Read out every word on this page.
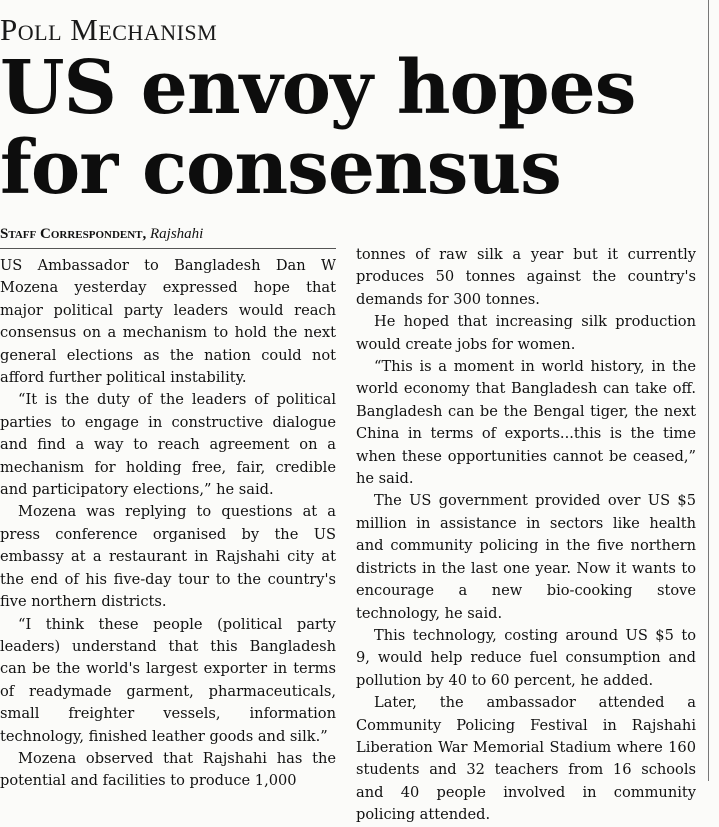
Poll Mechanism
US envoy hopes for consensus
Staff Correspondent, Rajshahi

US Ambassador to Bangladesh Dan W Mozena yesterday expressed hope that major political party leaders would reach consensus on a mechanism to hold the next general elections as the nation could not afford further political instability.

“It is the duty of the leaders of political parties to engage in constructive dialogue and find a way to reach agreement on a mechanism for holding free, fair, credible and participatory elections,” he said.

Mozena was replying to questions at a press conference organised by the US embassy at a restaurant in Rajshahi city at the end of his five-day tour to the country's five northern districts.

“I think these people (political party leaders) understand that this Bangladesh can be the world's largest exporter in terms of readymade garment, pharmaceuticals, small freighter vessels, information technology, finished leather goods and silk.”

Mozena observed that Rajshahi has the potential and facilities to produce 1,000

tonnes of raw silk a year but it currently produces 50 tonnes against the country's demands for 300 tonnes.

He hoped that increasing silk production would create jobs for women.

“This is a moment in world history, in the world economy that Bangladesh can take off. Bangladesh can be the Bengal tiger, the next China in terms of exports...this is the time when these opportunities cannot be ceased,” he said.

The US government provided over US $5 million in assistance in sectors like health and community policing in the five northern districts in the last one year. Now it wants to encourage a new bio-cooking stove technology, he said.

This technology, costing around US $5 to 9, would help reduce fuel consumption and pollution by 40 to 60 percent, he added.

Later, the ambassador attended a Community Policing Festival in Rajshahi Liberation War Memorial Stadium where 160 students and 32 teachers from 16 schools and 40 people involved in community policing attended.
